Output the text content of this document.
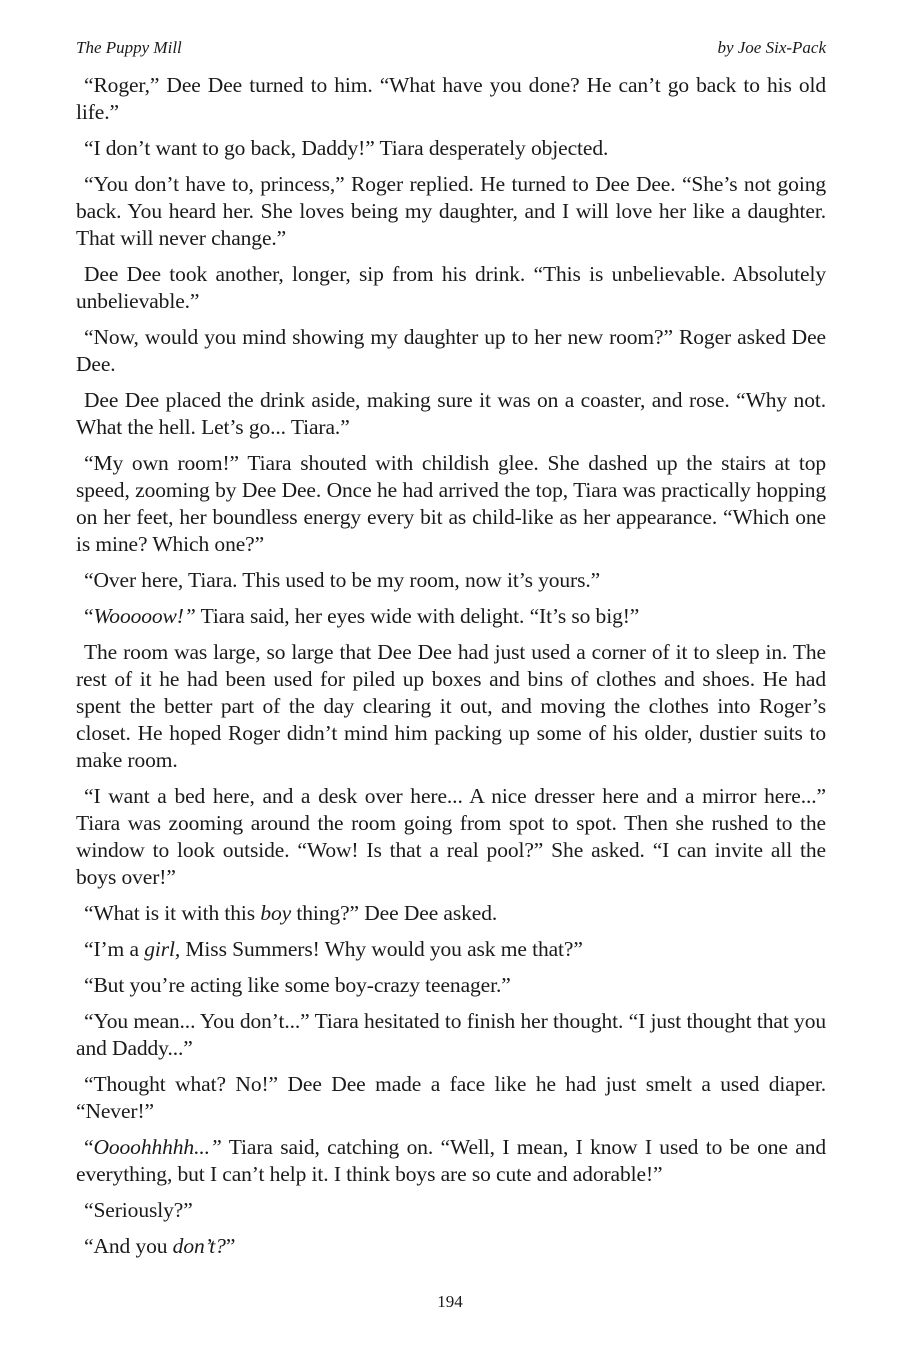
The Puppy Mill	by Joe Six-Pack

“Roger,” Dee Dee turned to him. “What have you done? He can’t go back to his old life.”

“I don’t want to go back, Daddy!” Tiara desperately objected.

“You don’t have to, princess,” Roger replied. He turned to Dee Dee. “She’s not going back. You heard her. She loves being my daughter, and I will love her like a daughter. That will never change.”

Dee Dee took another, longer, sip from his drink. “This is unbelievable. Absolutely unbelievable.”

“Now, would you mind showing my daughter up to her new room?” Roger asked Dee Dee.

Dee Dee placed the drink aside, making sure it was on a coaster, and rose. “Why not. What the hell. Let’s go... Tiara.”

“My own room!” Tiara shouted with childish glee. She dashed up the stairs at top speed, zooming by Dee Dee. Once he had arrived the top, Tiara was practically hopping on her feet, her boundless energy every bit as child-like as her appearance. “Which one is mine? Which one?”

“Over here, Tiara. This used to be my room, now it’s yours.”

“Wooooow!” Tiara said, her eyes wide with delight. “It’s so big!”

The room was large, so large that Dee Dee had just used a corner of it to sleep in. The rest of it he had been used for piled up boxes and bins of clothes and shoes. He had spent the better part of the day clearing it out, and moving the clothes into Roger’s closet. He hoped Roger didn’t mind him packing up some of his older, dustier suits to make room.

“I want a bed here, and a desk over here... A nice dresser here and a mirror here...” Tiara was zooming around the room going from spot to spot. Then she rushed to the window to look outside. “Wow! Is that a real pool?” She asked. “I can invite all the boys over!”

“What is it with this boy thing?” Dee Dee asked.

“I’m a girl, Miss Summers! Why would you ask me that?”

“But you’re acting like some boy-crazy teenager.”

“You mean... You don’t...” Tiara hesitated to finish her thought. “I just thought that you and Daddy...”

“Thought what? No!” Dee Dee made a face like he had just smelt a used diaper. “Never!”

“Oooohhhhh...” Tiara said, catching on. “Well, I mean, I know I used to be one and everything, but I can’t help it. I think boys are so cute and adorable!”

“Seriously?”

“And you don’t?”

194
